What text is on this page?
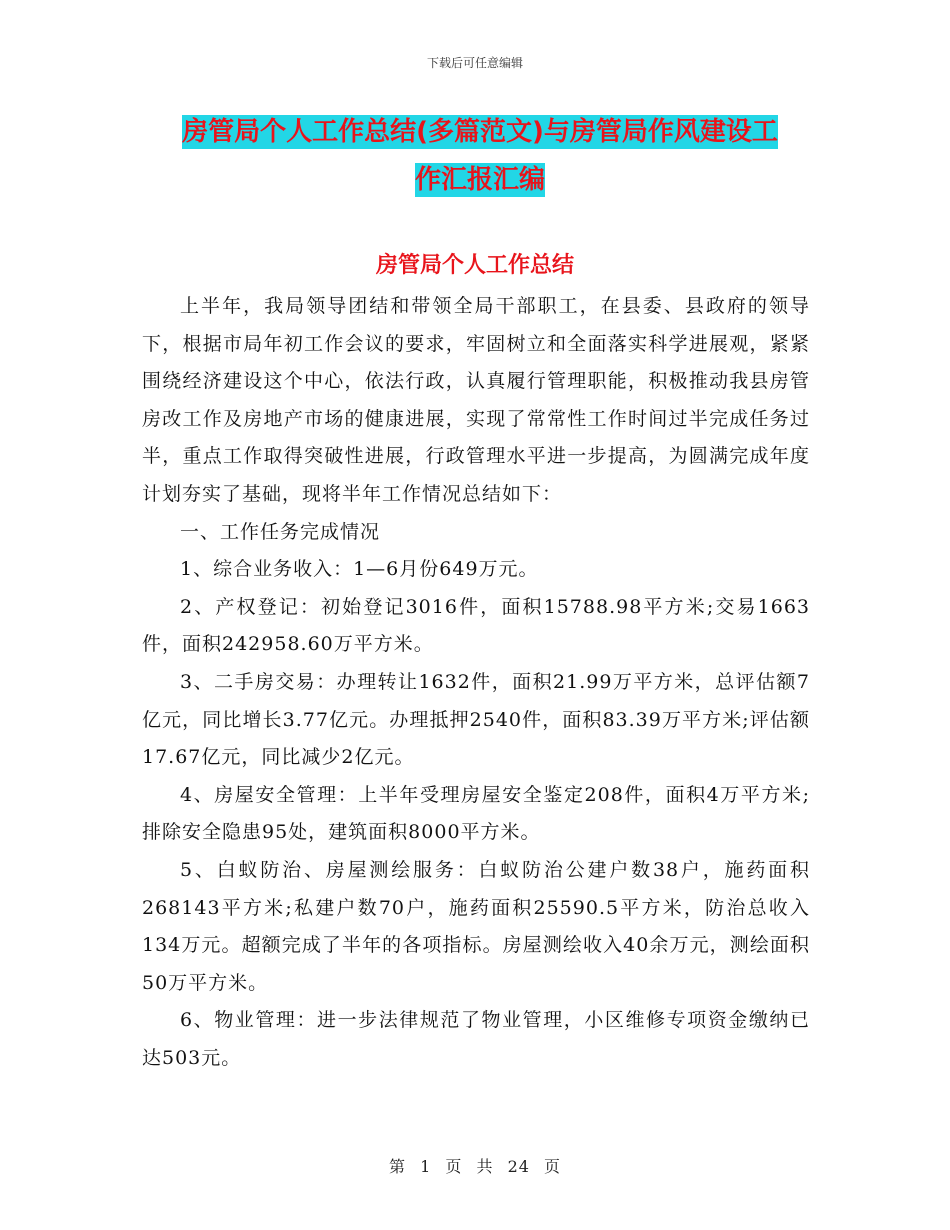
下载后可任意编辑
房管局个人工作总结(多篇范文)与房管局作风建设工
作汇报汇编
房管局个人工作总结

上半年，我局领导团结和带领全局干部职工，在县委、县政府的领导下，根据市局年初工作会议的要求，牢固树立和全面落实科学进展观，紧紧围绕经济建设这个中心，依法行政，认真履行管理职能，积极推动我县房管房改工作及房地产市场的健康进展，实现了常常性工作时间过半完成任务过半，重点工作取得突破性进展，行政管理水平进一步提高，为圆满完成年度计划夯实了基础，现将半年工作情况总结如下：

一、工作任务完成情况

1、综合业务收入：1—6月份649万元。

2、产权登记：初始登记3016件，面积15788.98平方米;交易1663件，面积242958.60万平方米。

3、二手房交易：办理转让1632件，面积21.99万平方米，总评估额7亿元，同比增长3.77亿元。办理抵押2540件，面积83.39万平方米;评估额17.67亿元，同比减少2亿元。

4、房屋安全管理：上半年受理房屋安全鉴定208件，面积4万平方米;排除安全隐患95处，建筑面积8000平方米。

5、白蚁防治、房屋测绘服务：白蚁防治公建户数38户，施药面积268143平方米;私建户数70户，施药面积25590.5平方米，防治总收入134万元。超额完成了半年的各项指标。房屋测绘收入40余万元，测绘面积50万平方米。

6、物业管理：进一步法律规范了物业管理，小区维修专项资金缴纳已达503元。

第 1 页 共 24 页
